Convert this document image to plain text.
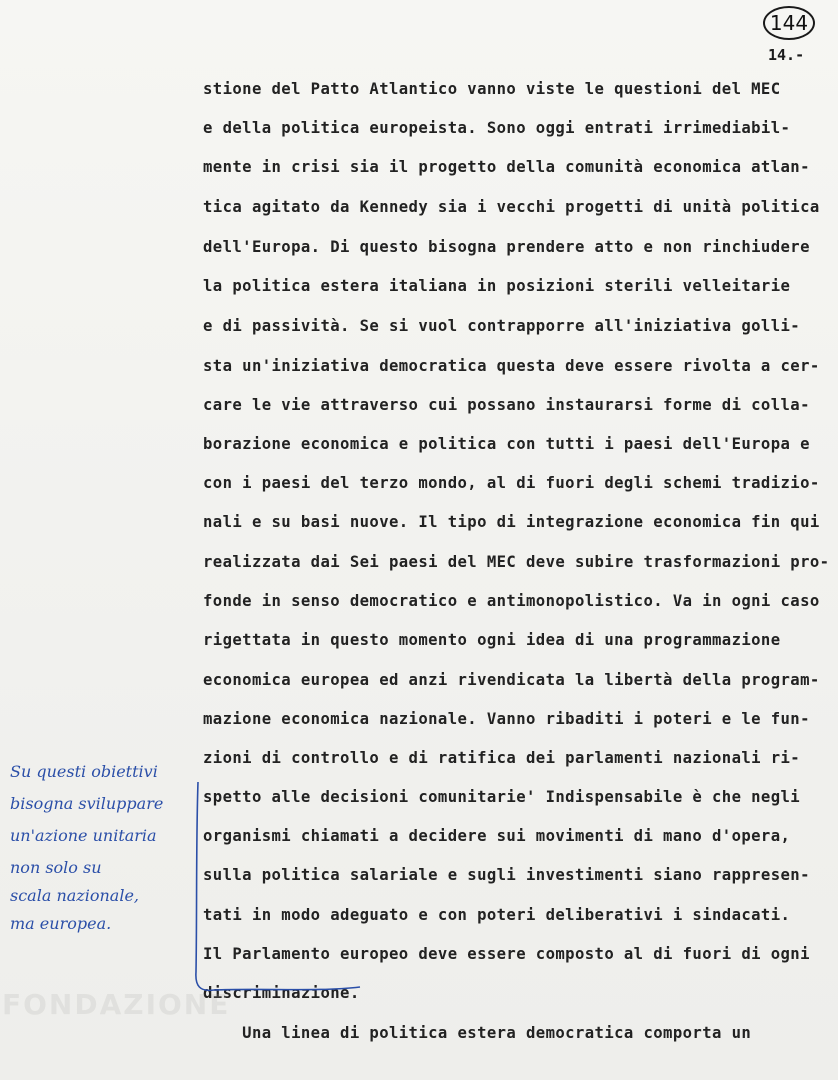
144
14.-
stione del Patto Atlantico vanno viste le questioni del MEC
e della politica europeista. Sono oggi entrati irrimediabil-
mente in crisi sia il progetto della comunità economica atlan-
tica agitato da Kennedy sia i vecchi progetti di unità politica
dell'Europa. Di questo bisogna prendere atto e non rinchiudere
la politica estera italiana in posizioni sterili velleitarie
e di passività. Se si vuol contrapporre all'iniziativa golli-
sta un'iniziativa democratica questa deve essere rivolta a cer-
care le vie attraverso cui possano instaurarsi forme di colla-
borazione economica e politica con tutti i paesi dell'Europa e
con i paesi del terzo mondo, al di fuori degli schemi tradizio-
nali e su basi nuove. Il tipo di integrazione economica fin qui
realizzata dai Sei paesi del MEC deve subire trasformazioni pro-
fonde in senso democratico e antimonopolistico. Va in ogni caso
rigettata in questo momento ogni idea di una programmazione
economica europea ed anzi rivendicata la libertà della program-
mazione economica nazionale. Vanno ribaditi i poteri e le fun-
zioni di controllo e di ratifica dei parlamenti nazionali ri-
spetto alle decisioni comunitarie' Indispensabile è che negli
organismi chiamati a decidere sui movimenti di mano d'opera,
sulla politica salariale e sugli investimenti siano rappresen-
tati in modo adeguato e con poteri deliberativi i sindacati.
Il Parlamento europeo deve essere composto al di fuori di ogni
discriminazione.
Una linea di politica estera democratica comporta un
Su questi obiettivi
bisogna sviluppare
un'azione unitaria
non solo su
scala nazionale,
ma europea.
FONDAZIONE
